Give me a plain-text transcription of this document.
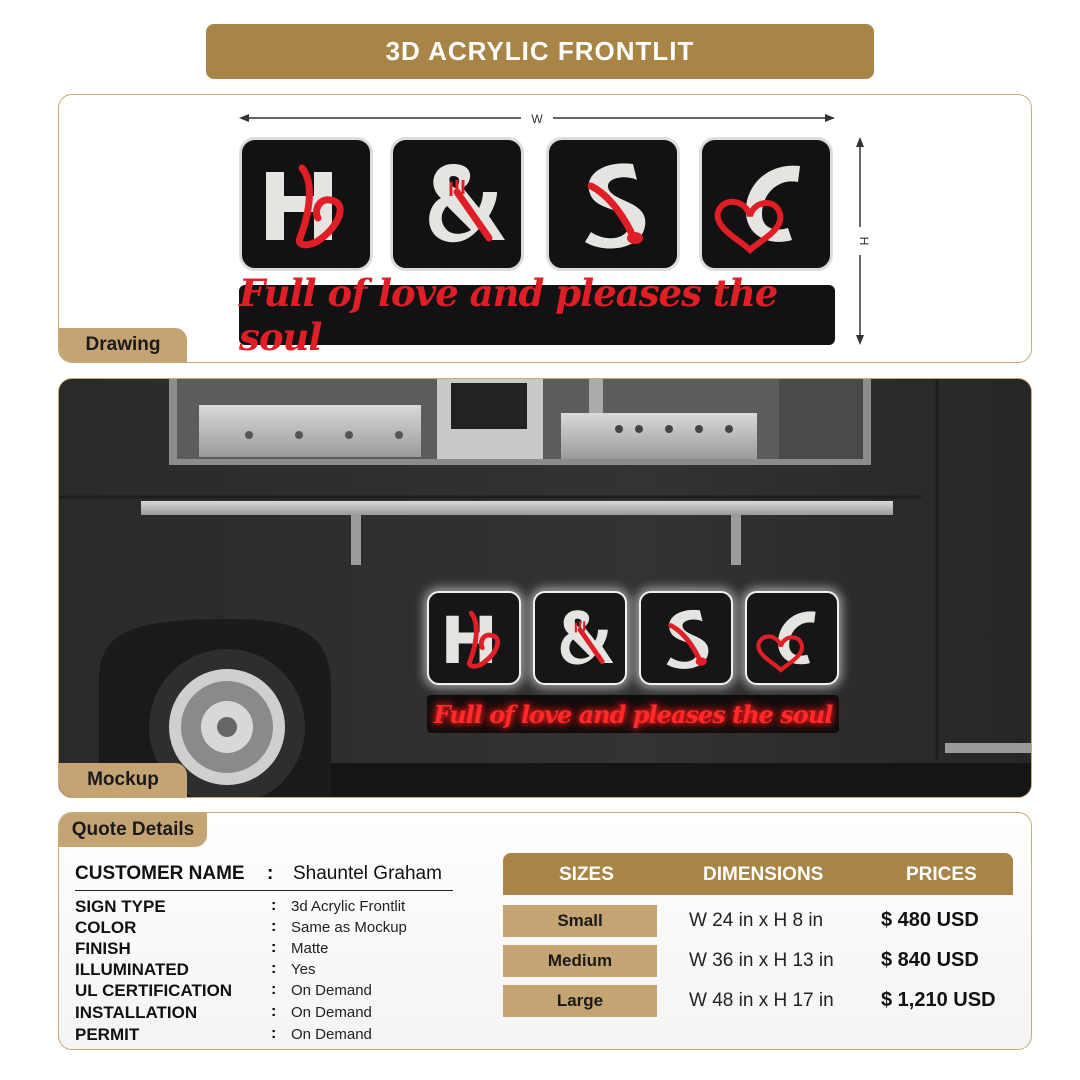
3D ACRYLIC FRONTLIT
W
H
Full of love and pleases the soul
Drawing
Full of love and pleases the soul
Mockup
Quote Details
CUSTOMER NAME : Shauntel Graham
SIGN TYPE	: 3d Acrylic Frontlit
COLOR	: Same as Mockup
FINISH	: Matte
ILLUMINATED	: Yes
UL CERTIFICATION : On Demand
INSTALLATION	: On Demand
PERMIT	: On Demand
SIZES	DIMENSIONS	PRICES
Small	W 24 in x H 8 in	$ 480 USD
Medium	W 36 in x H 13 in $ 840 USD
Large	W 48 in x H 17 in $ 1,210 USD
